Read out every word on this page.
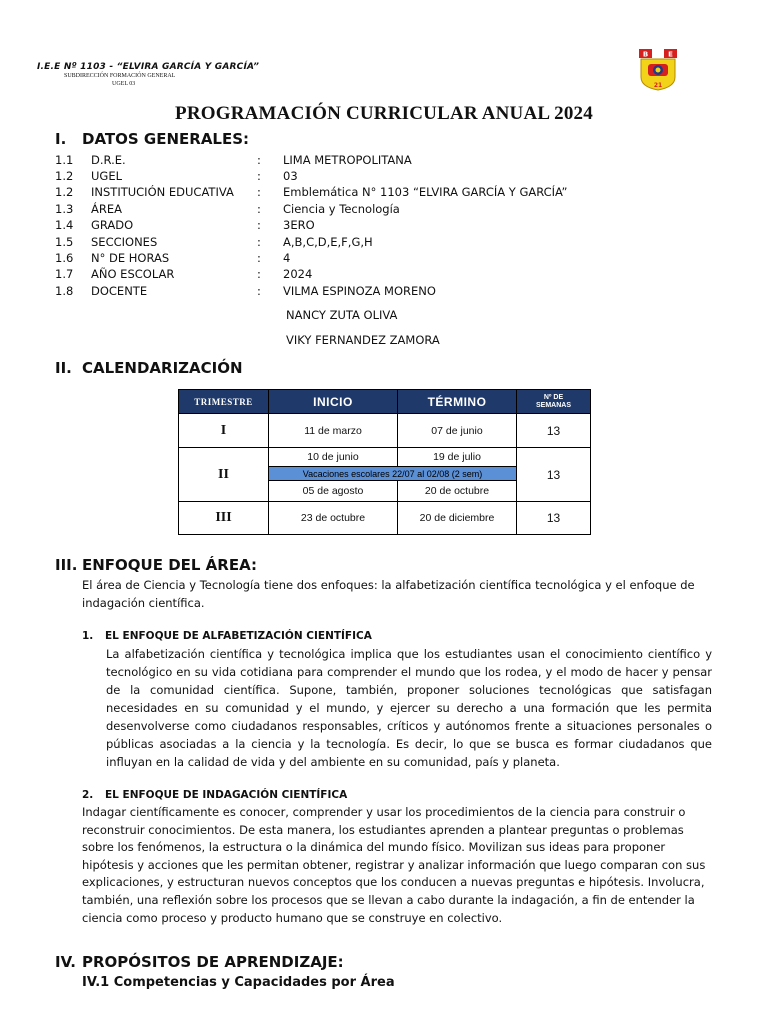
I.E.E Nº 1103 - “ELVIRA GARCÍA Y GARCÍA”
SUBDIRECCIÓN FORMACIÓN GENERAL
UGEL 03
B	E
21
PROGRAMACIÓN CURRICULAR ANUAL 2024
I. DATOS GENERALES:
1.1 D.R.E.	: LIMA METROPOLITANA
1.2 UGEL	: 03
1.2 INSTITUCIÓN EDUCATIVA : Emblemática N° 1103 “ELVIRA GARCÍA Y GARCÍA”
1.3 ÁREA	: Ciencia y Tecnología
1.4 GRADO	: 3ERO
1.5 SECCIONES	: A,B,C,D,E,F,G,H
1.6 N° DE HORAS	: 4
1.7 AÑO ESCOLAR	: 2024
1.8 DOCENTE	: VILMA ESPINOZA MORENO
NANCY ZUTA OLIVA
VIKY FERNANDEZ ZAMORA
II. CALENDARIZACIÓN
TRIMESTRE	INICIO	TÉRMINO	Nº DE SEMANAS
I	11 de marzo	07 de junio	13
II	10 de junio	19 de julio	13
	Vacaciones escolares 22/07 al 02/08 (2 sem)		
	05 de agosto	20 de octubre	
III	23 de octubre	20 de diciembre	13
III. ENFOQUE DEL ÁREA:
El área de Ciencia y Tecnología tiene dos enfoques: la alfabetización científica tecnológica y el enfoque de indagación científica.
1. EL ENFOQUE DE ALFABETIZACIÓN CIENTÍFICA
La alfabetización científica y tecnológica implica que los estudiantes usan el conocimiento científico y tecnológico en su vida cotidiana para comprender el mundo que los rodea, y el modo de hacer y pensar de la comunidad científica. Supone, también, proponer soluciones tecnológicas que satisfagan necesidades en su comunidad y el mundo, y ejercer su derecho a una formación que les permita desenvolverse como ciudadanos responsables, críticos y autónomos frente a situaciones personales o públicas asociadas a la ciencia y la tecnología. Es decir, lo que se busca es formar ciudadanos que influyan en la calidad de vida y del ambiente en su comunidad, país y planeta.
2. EL ENFOQUE DE INDAGACIÓN CIENTÍFICA
Indagar científicamente es conocer, comprender y usar los procedimientos de la ciencia para construir o reconstruir conocimientos. De esta manera, los estudiantes aprenden a plantear preguntas o problemas sobre los fenómenos, la estructura o la dinámica del mundo físico. Movilizan sus ideas para proponer hipótesis y acciones que les permitan obtener, registrar y analizar información que luego comparan con sus explicaciones, y estructuran nuevos conceptos que los conducen a nuevas preguntas e hipótesis. Involucra, también, una reflexión sobre los procesos que se llevan a cabo durante la indagación, a fin de entender la ciencia como proceso y producto humano que se construye en colectivo.
IV. PROPÓSITOS DE APRENDIZAJE:
IV.1 Competencias y Capacidades por Área
